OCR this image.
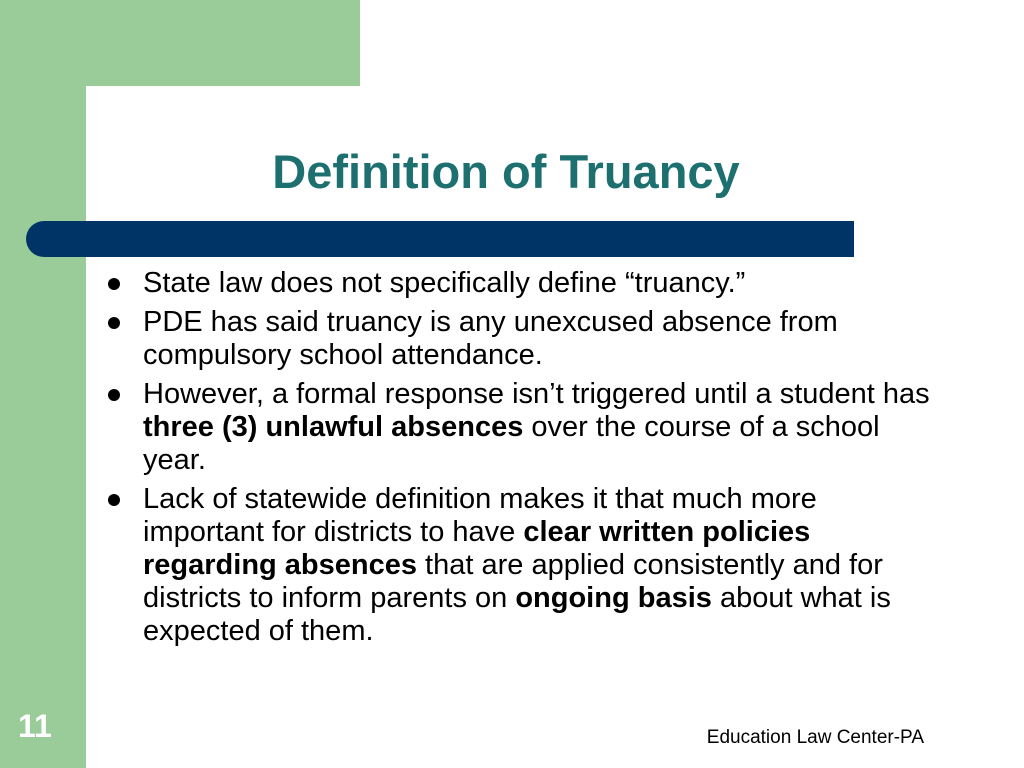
Definition of Truancy
State law does not specifically define “truancy.”
PDE has said truancy is any unexcused absence from compulsory school attendance.
However, a formal response isn’t triggered until a student has three (3) unlawful absences over the course of a school year.
Lack of statewide definition makes it that much more important for districts to have clear written policies regarding absences that are applied consistently and for districts to inform parents on ongoing basis about what is expected of them.
11	Education Law Center-PA
